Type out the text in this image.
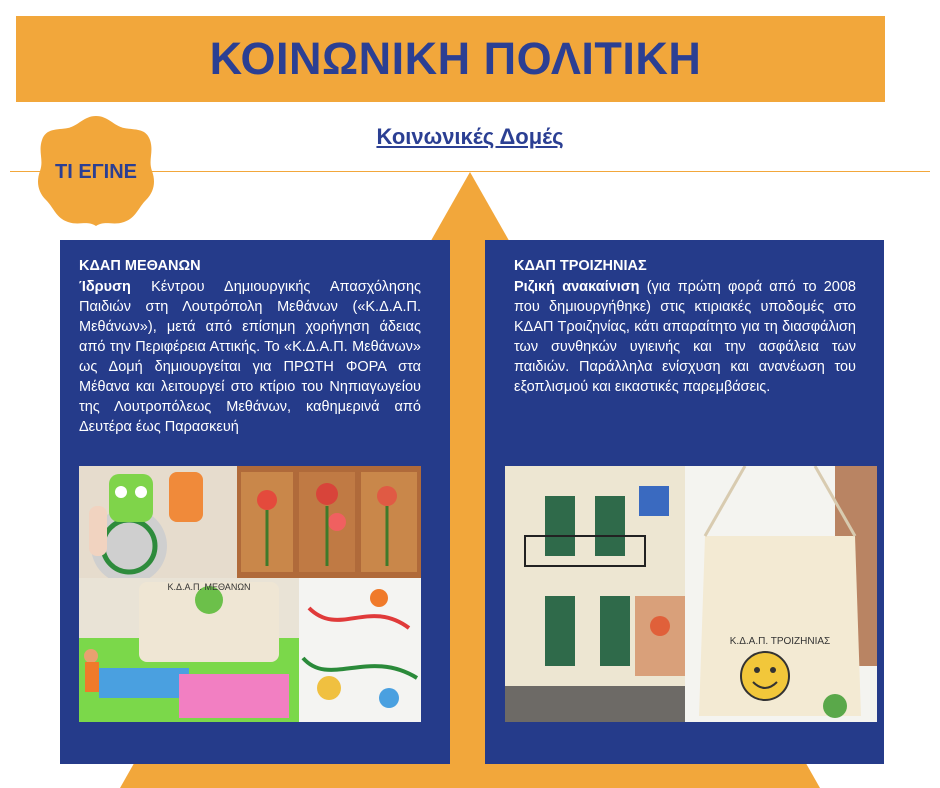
ΚΟΙΝΩΝΙΚΗ ΠΟΛΙΤΙΚΗ
Κοινωνικές Δομές
ΤΙ ΕΓΙΝΕ
ΚΔΑΠ ΜΕΘΑΝΩΝ
Ίδρυση Κέντρου Δημιουργικής Απασχόλησης Παιδιών στη Λουτρόπολη Μεθάνων («Κ.Δ.Α.Π. Μεθάνων»), μετά από επίσημη χορήγηση άδειας από την Περιφέρεια Αττικής. Το «Κ.Δ.Α.Π. Μεθάνων» ως Δομή δημιουργείται για ΠΡΩΤΗ ΦΟΡΑ στα Μέθανα και λειτουργεί στο κτίριο του Νηπιαγωγείου της Λουτροπόλεως Μεθάνων, καθημερινά από Δευτέρα έως Παρασκευή
Κ.Δ.Α.Π. ΜΕΘΑΝΩΝ
ΚΔΑΠ ΤΡΟΙΖΗΝΙΑΣ
Ριζική ανακαίνιση (για πρώτη φορά από το 2008 που δημιουργήθηκε) στις κτιριακές υποδομές στο ΚΔΑΠ Τροιζηνίας, κάτι απαραίτητο για τη διασφάλιση των συνθηκών υγιεινής και την ασφάλεια των παιδιών. Παράλληλα ενίσχυση και ανανέωση του εξοπλισμού και εικαστικές παρεμβάσεις.
Κ.Δ.Α.Π. ΤΡΟΙΖΗΝΙΑΣ
